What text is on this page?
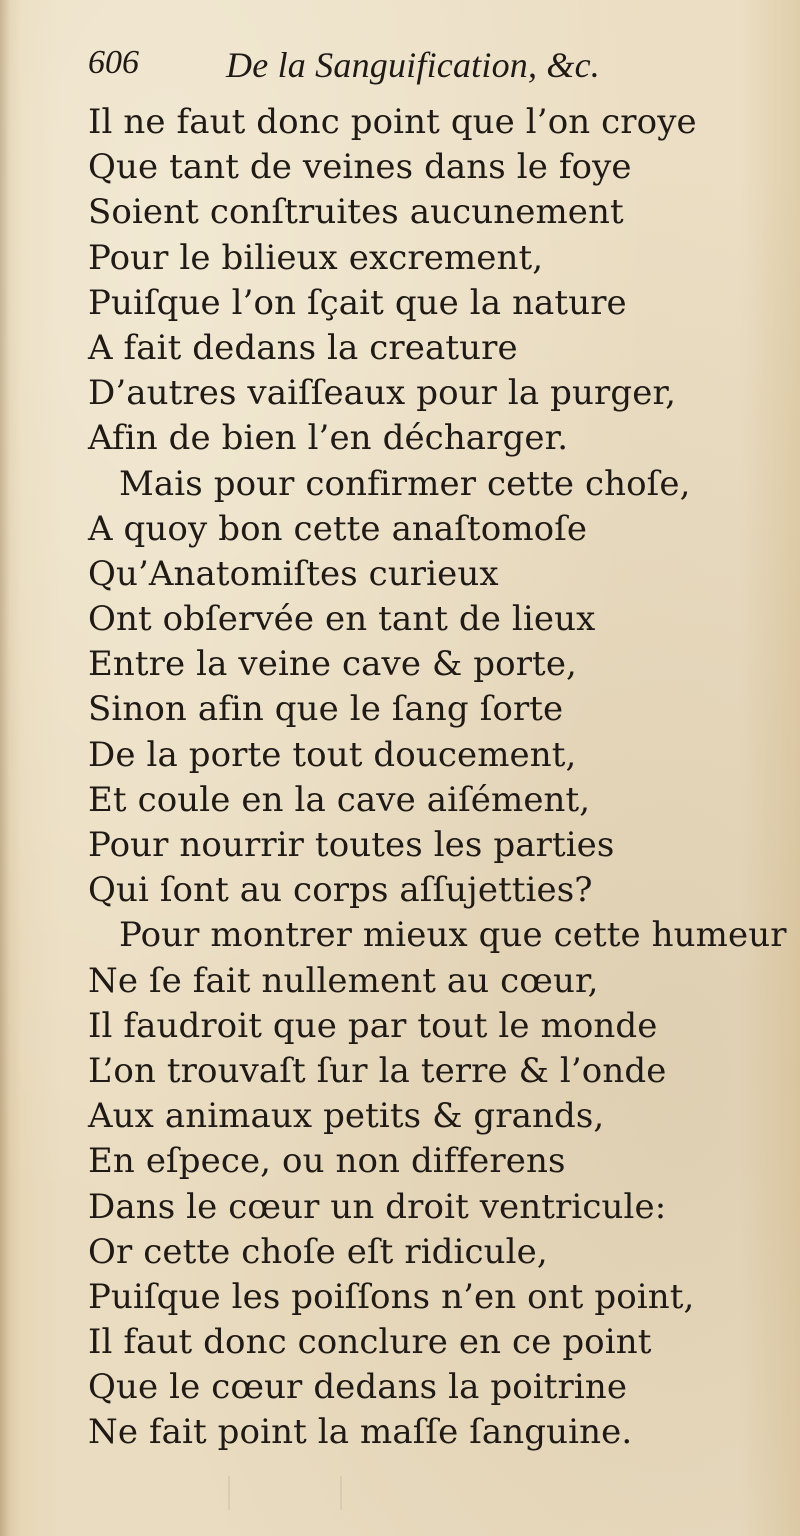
606 De la Sanguification, &c.
Il ne faut donc point que l’on croye
Que tant de veines dans le foye
Soient conſtruites aucunement
Pour le bilieux excrement,
Puiſque l’on ſçait que la nature
A fait dedans la creature
D’autres vaiſſeaux pour la purger,
Afin de bien l’en décharger.
Mais pour confirmer cette choſe,
A quoy bon cette anaſtomoſe
Qu’Anatomiſtes curieux
Ont obſervée en tant de lieux
Entre la veine cave & porte,
Sinon afin que le ſang ſorte
De la porte tout doucement,
Et coule en la cave aiſément,
Pour nourrir toutes les parties
Qui ſont au corps aſſujetties?
Pour montrer mieux que cette humeur
Ne ſe fait nullement au cœur,
Il faudroit que par tout le monde
L’on trouvaſt ſur la terre & l’onde
Aux animaux petits & grands,
En eſpece, ou non differens
Dans le cœur un droit ventricule:
Or cette choſe eſt ridicule,
Puiſque les poiſſons n’en ont point,
Il faut donc conclure en ce point
Que le cœur dedans la poitrine
Ne fait point la maſſe ſanguine.
